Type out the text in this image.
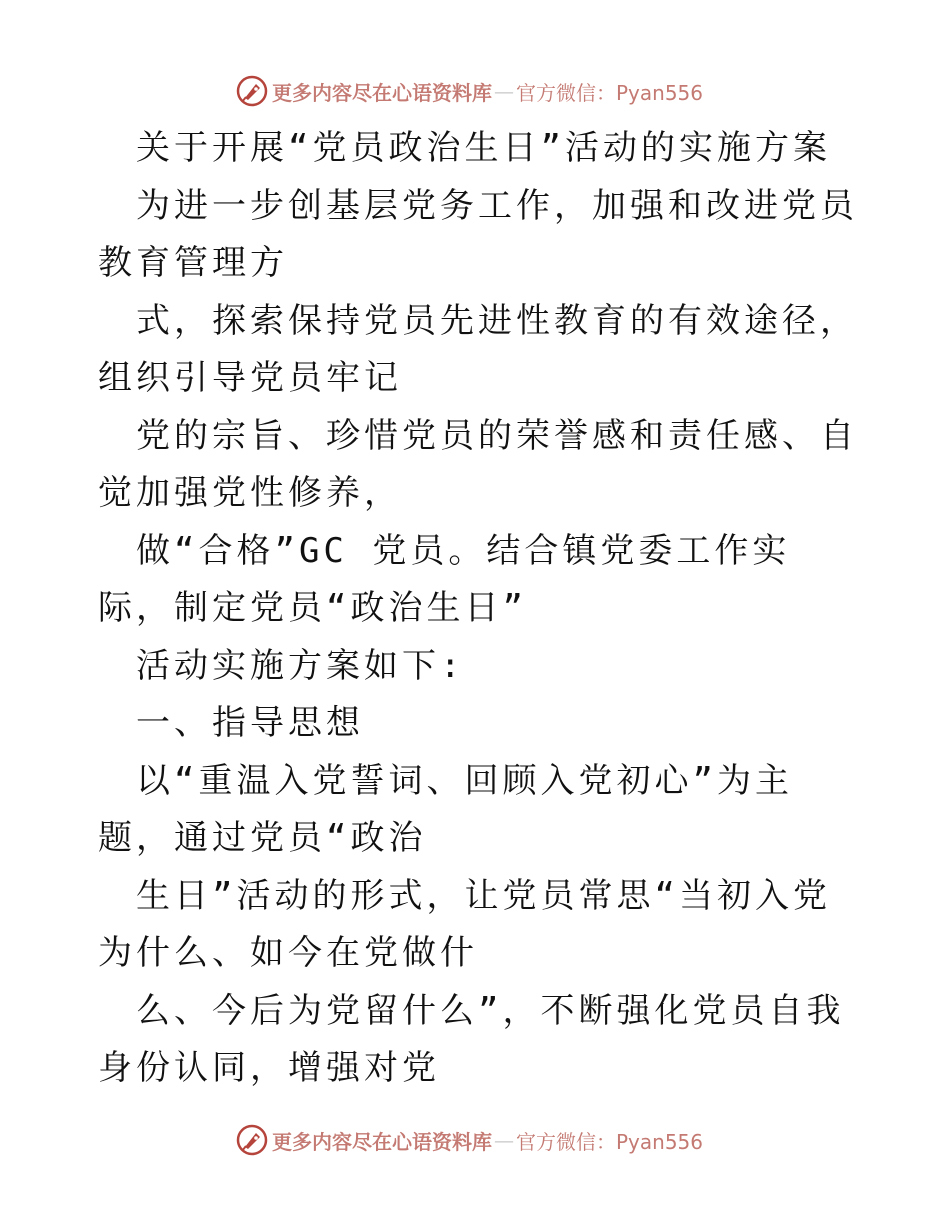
更多内容尽在心语资料库 — 官方微信：Pyan556

关于开展“党员政治生日”活动的实施方案

为进一步创基层党务工作，加强和改进党员教育管理方

式，探索保持党员先进性教育的有效途径，组织引导党员牢记

党的宗旨、珍惜党员的荣誉感和责任感、自觉加强党性修养，

做“合格”GC 党员。结合镇党委工作实际，制定党员“政治生日”

活动实施方案如下:

一、指导思想

以“重温入党誓词、回顾入党初心”为主题，通过党员“政治

生日”活动的形式，让党员常思“当初入党为什么、如今在党做什

么、今后为党留什么”，不断强化党员自我身份认同，增强对党

更多内容尽在心语资料库 — 官方微信：Pyan556
